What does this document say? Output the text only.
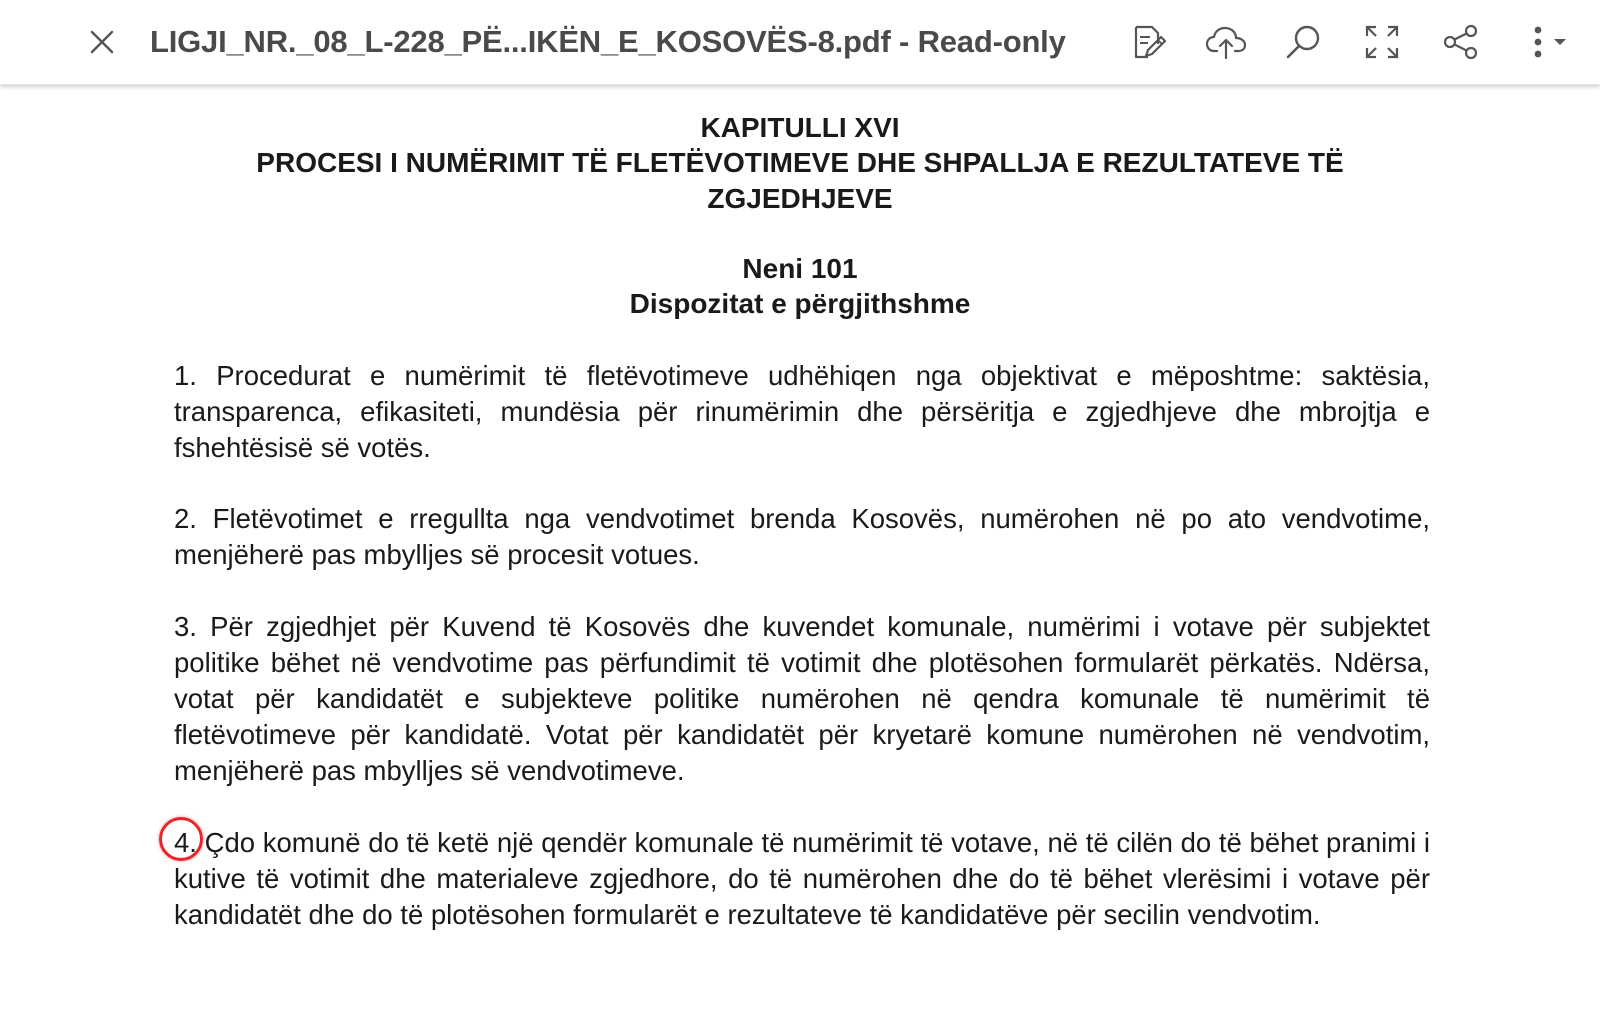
LIGJI_NR._08_L-228_PË...IKËN_E_KOSOVËS-8.pdf - Read-only
KAPITULLI XVI
PROCESI I NUMËRIMIT TË FLETËVOTIMEVE DHE SHPALLJA E REZULTATEVE TË ZGJEDHJEVE
Neni 101
Dispozitat e përgjithshme
1. Procedurat e numërimit të fletëvotimeve udhëhiqen nga objektivat e mëposhtme: saktësia, transparenca, efikasiteti, mundësia për rinumërimin dhe përsëritja e zgjedhjeve dhe mbrojtja e fshehtësisë së votës.
2. Fletëvotimet e rregullta nga vendvotimet brenda Kosovës, numërohen në po ato vendvotime, menjëherë pas mbylljes së procesit votues.
3. Për zgjedhjet për Kuvend të Kosovës dhe kuvendet komunale, numërimi i votave për subjektet politike bëhet në vendvotime pas përfundimit të votimit dhe plotësohen formularët përkatës. Ndërsa, votat për kandidatët e subjekteve politike numërohen në qendra komunale të numërimit të fletëvotimeve për kandidatë. Votat për kandidatët për kryetarë komune numërohen në vendvotim, menjëherë pas mbylljes së vendvotimeve.
4. Çdo komunë do të ketë një qendër komunale të numërimit të votave, në të cilën do të bëhet pranimi i kutive të votimit dhe materialeve zgjedhore, do të numërohen dhe do të bëhet vlerësimi i votave për kandidatët dhe do të plotësohen formularët e rezultateve të kandidatëve për secilin vendvotim.
